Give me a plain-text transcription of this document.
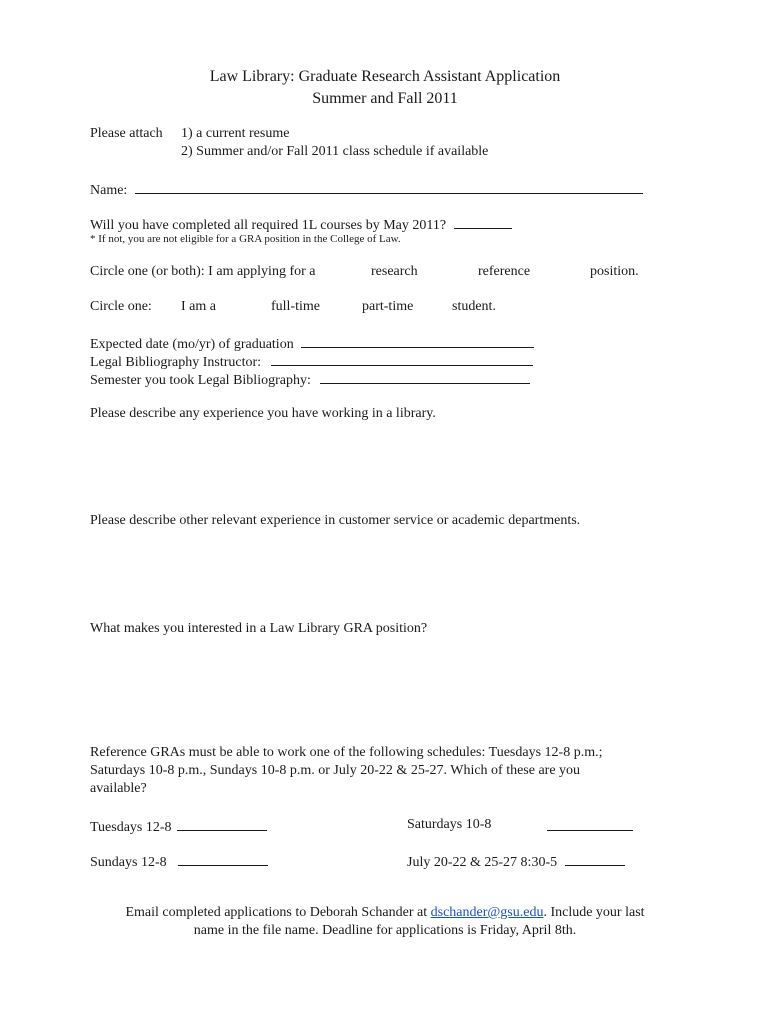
Law Library: Graduate Research Assistant Application
Summer and Fall 2011
Please attach 1) a current resume
2) Summer and/or Fall 2011 class schedule if available
Name:
Will you have completed all required 1L courses by May 2011?
* If not, you are not eligible for a GRA position in the College of Law.
Circle one (or both): I am applying for a	research	reference	position.
Circle one: I am a	full-time	part-time	student.
Expected date (mo/yr) of graduation
Legal Bibliography Instructor:
Semester you took Legal Bibliography:
Please describe any experience you have working in a library.
Please describe other relevant experience in customer service or academic departments.
What makes you interested in a Law Library GRA position?
Reference GRAs must be able to work one of the following schedules: Tuesdays 12-8 p.m.;
Saturdays 10-8 p.m., Sundays 10-8 p.m. or July 20-22 & 25-27. Which of these are you
available?
Tuesdays 12-8	Saturdays 10-8
Sundays 12-8	July 20-22 & 25-27 8:30-5
Email completed applications to Deborah Schander at dschander@gsu.edu. Include your last
name in the file name. Deadline for applications is Friday, April 8th.
